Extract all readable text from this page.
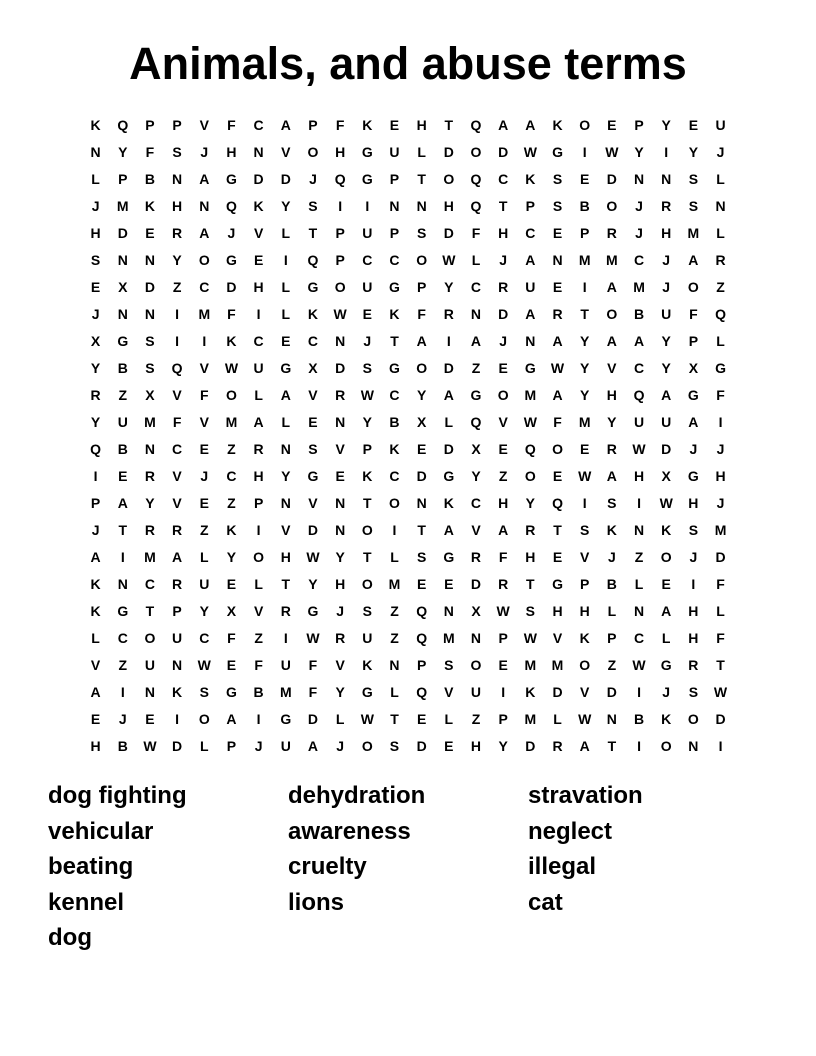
Animals, and abuse terms
K	Q	P	P	V	F	C	A	P	F	K	E	H	T	Q	A	A	K	O	E	P	Y	E	U
N	Y	F	S	J	H	N	V	O	H	G	U	L	D	O	D	W	G	I	W	Y	I	Y	J
L	P	B	N	A	G	D	D	J	Q	G	P	T	O	Q	C	K	S	E	D	N	N	S	L
J	M	K	H	N	Q	K	Y	S	I	I	N	N	H	Q	T	P	S	B	O	J	R	S	N
H	D	E	R	A	J	V	L	T	P	U	P	S	D	F	H	C	E	P	R	J	H	M	L
S	N	N	Y	O	G	E	I	Q	P	C	C	O	W	L	J	A	N	M	M	C	J	A	R
E	X	D	Z	C	D	H	L	G	O	U	G	P	Y	C	R	U	E	I	A	M	J	O	Z
J	N	N	I	M	F	I	L	K	W	E	K	F	R	N	D	A	R	T	O	B	U	F	Q
X	G	S	I	I	K	C	E	C	N	J	T	A	I	A	J	N	A	Y	A	A	Y	P	L
Y	B	S	Q	V	W	U	G	X	D	S	G	O	D	Z	E	G	W	Y	V	C	Y	X	G
R	Z	X	V	F	O	L	A	V	R	W	C	Y	A	G	O	M	A	Y	H	Q	A	G	F
Y	U	M	F	V	M	A	L	E	N	Y	B	X	L	Q	V	W	F	M	Y	U	U	A	I
Q	B	N	C	E	Z	R	N	S	V	P	K	E	D	X	E	Q	O	E	R	W	D	J	J
I	E	R	V	J	C	H	Y	G	E	K	C	D	G	Y	Z	O	E	W	A	H	X	G	H
P	A	Y	V	E	Z	P	N	V	N	T	O	N	K	C	H	Y	Q	I	S	I	W	H	J
J	T	R	R	Z	K	I	V	D	N	O	I	T	A	V	A	R	T	S	K	N	K	S	M
A	I	M	A	L	Y	O	H	W	Y	T	L	S	G	R	F	H	E	V	J	Z	O	J	D
K	N	C	R	U	E	L	T	Y	H	O	M	E	E	D	R	T	G	P	B	L	E	I	F
K	G	T	P	Y	X	V	R	G	J	S	Z	Q	N	X	W	S	H	H	L	N	A	H	L
L	C	O	U	C	F	Z	I	W	R	U	Z	Q	M	N	P	W	V	K	P	C	L	H	F
V	Z	U	N	W	E	F	U	F	V	K	N	P	S	O	E	M	M	O	Z	W	G	R	T
A	I	N	K	S	G	B	M	F	Y	G	L	Q	V	U	I	K	D	V	D	I	J	S	W
E	J	E	I	O	A	I	G	D	L	W	T	E	L	Z	P	M	L	W	N	B	K	O	D
H	B	W	D	L	P	J	U	A	J	O	S	D	E	H	Y	D	R	A	T	I	O	N	I
dog fighting	dehydration	stravation
vehicular	awareness	neglect
beating	cruelty	illegal
kennel	lions	cat
dog
